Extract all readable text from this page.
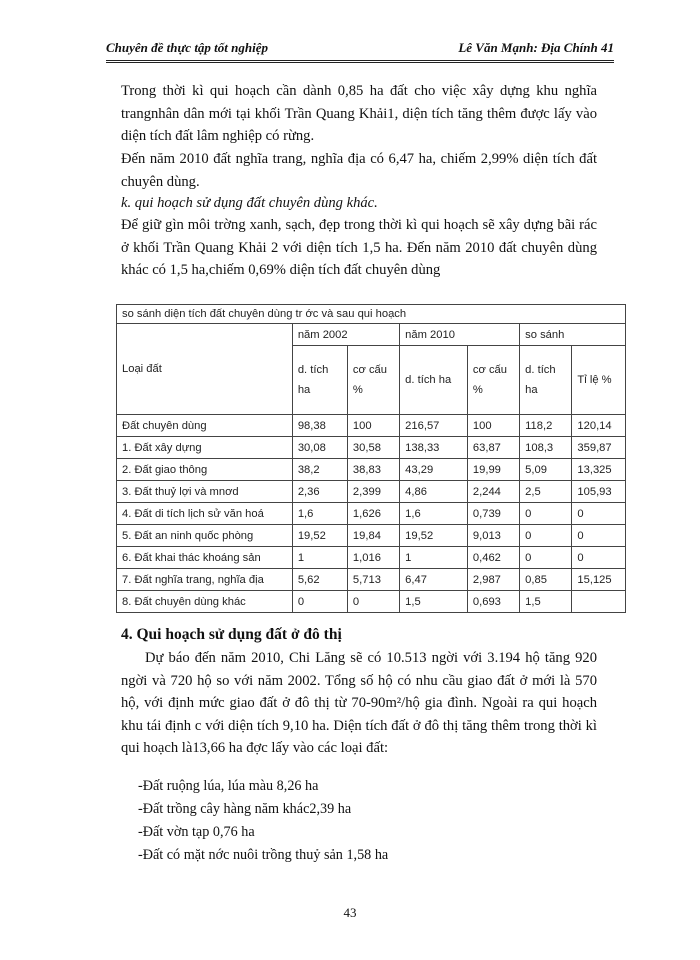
Chuyên đề thực tập tốt nghiệp	Lê Văn Mạnh: Địa Chính 41

Trong thời kì qui hoạch cần dành 0,85 ha đất cho việc xây dựng khu nghĩa trangnhân dân mới tại khối Trần Quang Khải1, diện tích tăng thêm được lấy vào diện tích đất lâm nghiệp có rừng.

Đến năm 2010 đất nghĩa trang, nghĩa địa có 6,47 ha, chiếm 2,99% diện tích đất chuyên dùng.

k. qui hoạch sử dụng đất chuyên dùng khác.

Để giữ gìn môi trờng xanh, sạch, đẹp trong thời kì qui hoạch sẽ xây dựng bãi rác ở khối Trần Quang Khải 2 với diện tích 1,5 ha. Đến năm 2010 đất chuyên dùng khác có 1,5 ha,chiếm 0,69% diện tích đất chuyên dùng

so sánh diện tích đất chuyên dùng tr ớc và sau qui hoạch						
Loại đất	năm 2002		năm 2010		so sánh	
	d. tích ha	cơ cấu %	d. tích ha	cơ cấu %	d. tích ha	Tỉ lệ %
Đất chuyên dùng	98,38	100	216,57	100	118,2	120,14
1. Đất xây dựng	30,08	30,58	138,33	63,87	108,3	359,87
2. Đất giao thông	38,2	38,83	43,29	19,99	5,09	13,325
3. Đất thuỷ lợi và mnơd	2,36	2,399	4,86	2,244	2,5	105,93
4. Đất di tích lịch sử văn hoá	1,6	1,626	1,6	0,739	0	0
5. Đất an ninh quốc phòng	19,52	19,84	19,52	9,013	0	0
6. Đất khai thác khoáng sản	1	1,016	1	0,462	0	0
7. Đất nghĩa trang, nghĩa địa	5,62	5,713	6,47	2,987	0,85	15,125
8. Đất chuyên dùng khác	0	0	1,5	0,693	1,5	
4. Qui hoạch sử dụng đất ở đô thị

Dự báo đến năm 2010, Chi Lăng sẽ có 10.513 ngời với 3.194 hộ tăng 920 ngời và 720 hộ so với năm 2002. Tổng số hộ có nhu cầu giao đất ở mới là 570 hộ, với định mức giao đất ở đô thị từ 70-90m²/hộ gia đình. Ngoài ra qui hoạch khu tái định c với diện tích 9,10 ha. Diện tích đất ở đô thị tăng thêm trong thời kì qui hoạch là13,66 ha đợc lấy vào các loại đất:

-Đất ruộng lúa, lúa màu 8,26 ha

-Đất trồng cây hàng năm khác2,39 ha

-Đất vờn tạp 0,76 ha

-Đất có mặt nớc nuôi trồng thuỷ sản 1,58 ha

43
